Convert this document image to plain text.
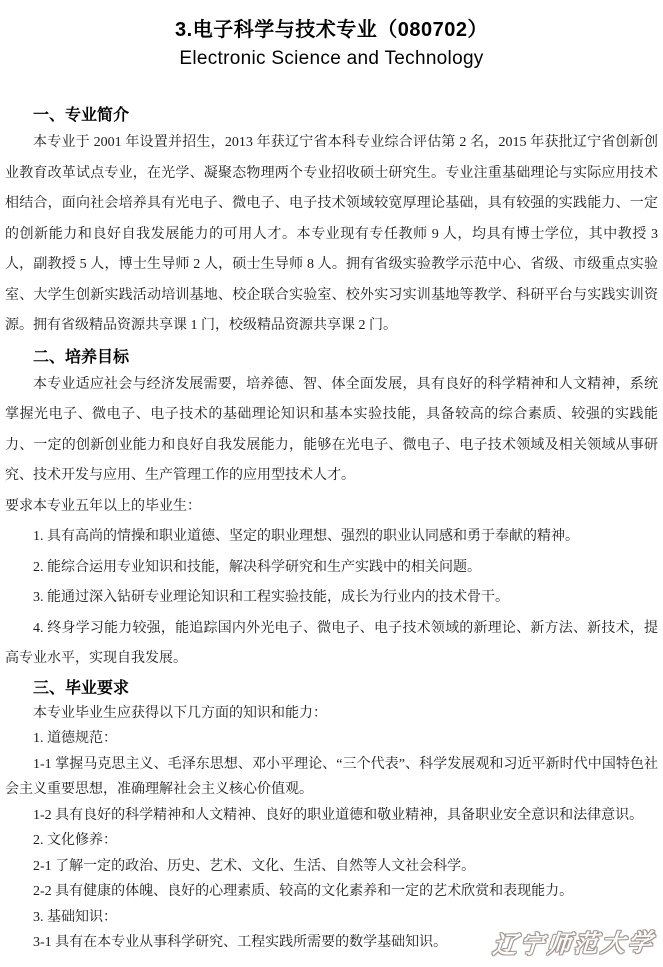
3.电子科学与技术专业（080702）
Electronic Science and Technology
一、专业简介

本专业于 2001 年设置并招生，2013 年获辽宁省本科专业综合评估第 2 名，2015 年获批辽宁省创新创业教育改革试点专业，在光学、凝聚态物理两个专业招收硕士研究生。专业注重基础理论与实际应用技术相结合，面向社会培养具有光电子、微电子、电子技术领域较宽厚理论基础，具有较强的实践能力、一定的创新能力和良好自我发展能力的可用人才。本专业现有专任教师 9 人，均具有博士学位，其中教授 3 人，副教授 5 人，博士生导师 2 人，硕士生导师 8 人。拥有省级实验教学示范中心、省级、市级重点实验室、大学生创新实践活动培训基地、校企联合实验室、校外实习实训基地等教学、科研平台与实践实训资源。拥有省级精品资源共享课 1 门，校级精品资源共享课 2 门。

二、培养目标

本专业适应社会与经济发展需要，培养德、智、体全面发展，具有良好的科学精神和人文精神，系统掌握光电子、微电子、电子技术的基础理论知识和基本实验技能，具备较高的综合素质、较强的实践能力、一定的创新创业能力和良好自我发展能力，能够在光电子、微电子、电子技术领域及相关领域从事研究、技术开发与应用、生产管理工作的应用型技术人才。

要求本专业五年以上的毕业生：

1. 具有高尚的情操和职业道德、坚定的职业理想、强烈的职业认同感和勇于奉献的精神。

2. 能综合运用专业知识和技能，解决科学研究和生产实践中的相关问题。

3. 能通过深入钻研专业理论知识和工程实验技能，成长为行业内的技术骨干。

4. 终身学习能力较强，能追踪国内外光电子、微电子、电子技术领域的新理论、新方法、新技术，提高专业水平，实现自我发展。

三、毕业要求

本专业毕业生应获得以下几方面的知识和能力：

1. 道德规范：

1-1 掌握马克思主义、毛泽东思想、邓小平理论、“三个代表”、科学发展观和习近平新时代中国特色社会主义重要思想，准确理解社会主义核心价值观。

1-2 具有良好的科学精神和人文精神、良好的职业道德和敬业精神，具备职业安全意识和法律意识。

2. 文化修养：

2-1 了解一定的政治、历史、艺术、文化、生活、自然等人文社会科学。

2-2 具有健康的体魄、良好的心理素质、较高的文化素养和一定的艺术欣赏和表现能力。

3. 基础知识：

3-1 具有在本专业从事科学研究、工程实践所需要的数学基础知识。	辽宁师范大学
